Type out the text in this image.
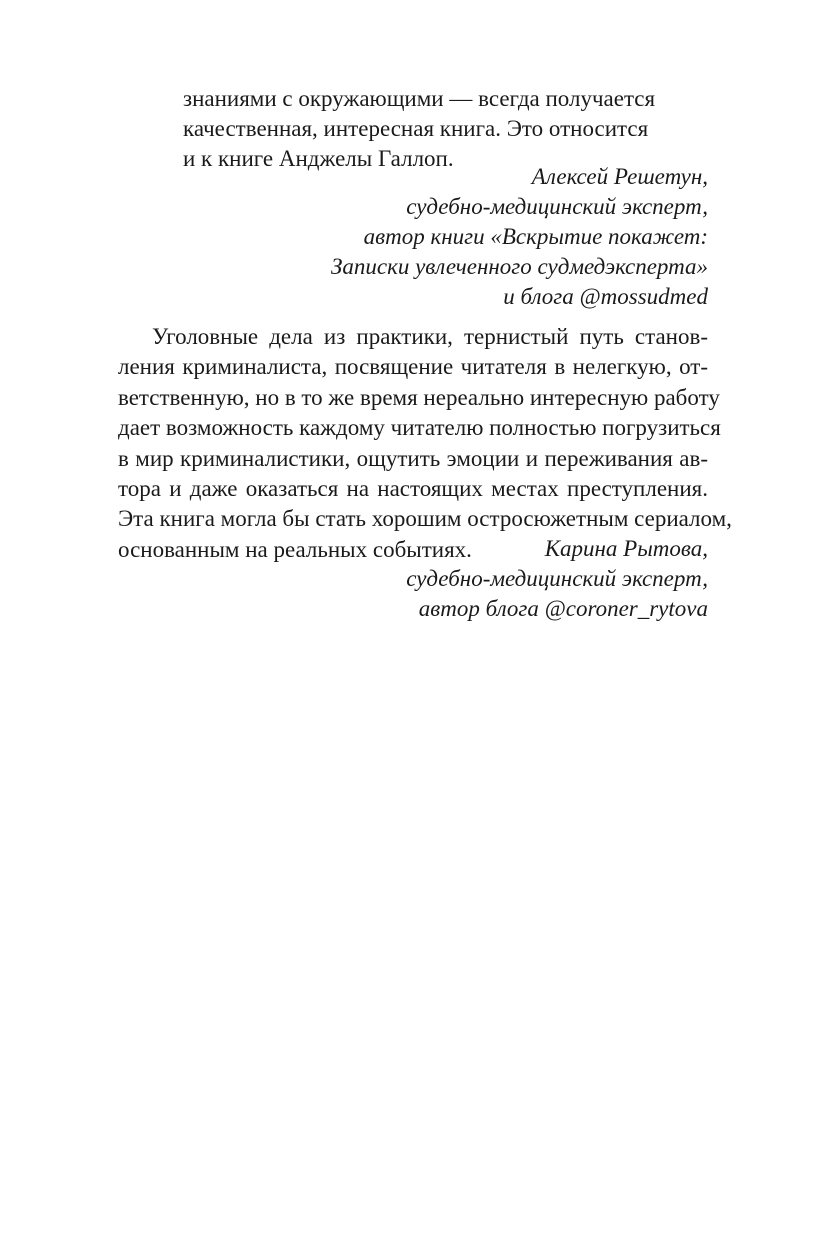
знаниями с окружающими — всегда получается
качественная, интересная книга. Это относится
и к книге Анджелы Галлоп.
Алексей Решетун,
судебно-медицинский эксперт,
автор книги «Вскрытие покажет:
Записки увлеченного судмедэксперта»
и блога @mossudmed
Уголовные дела из практики, тернистый путь станов-
ления криминалиста, посвящение читателя в нелегкую, от-
ветственную, но в то же время нереально интересную работу
дает возможность каждому читателю полностью погрузиться
в мир криминалистики, ощутить эмоции и переживания ав-
тора и даже оказаться на настоящих местах преступления.
Эта книга могла бы стать хорошим остросюжетным сериалом,
основанным на реальных событиях.	Карина Рытова,
судебно-медицинский эксперт,
автор блога @coroner_rytova
